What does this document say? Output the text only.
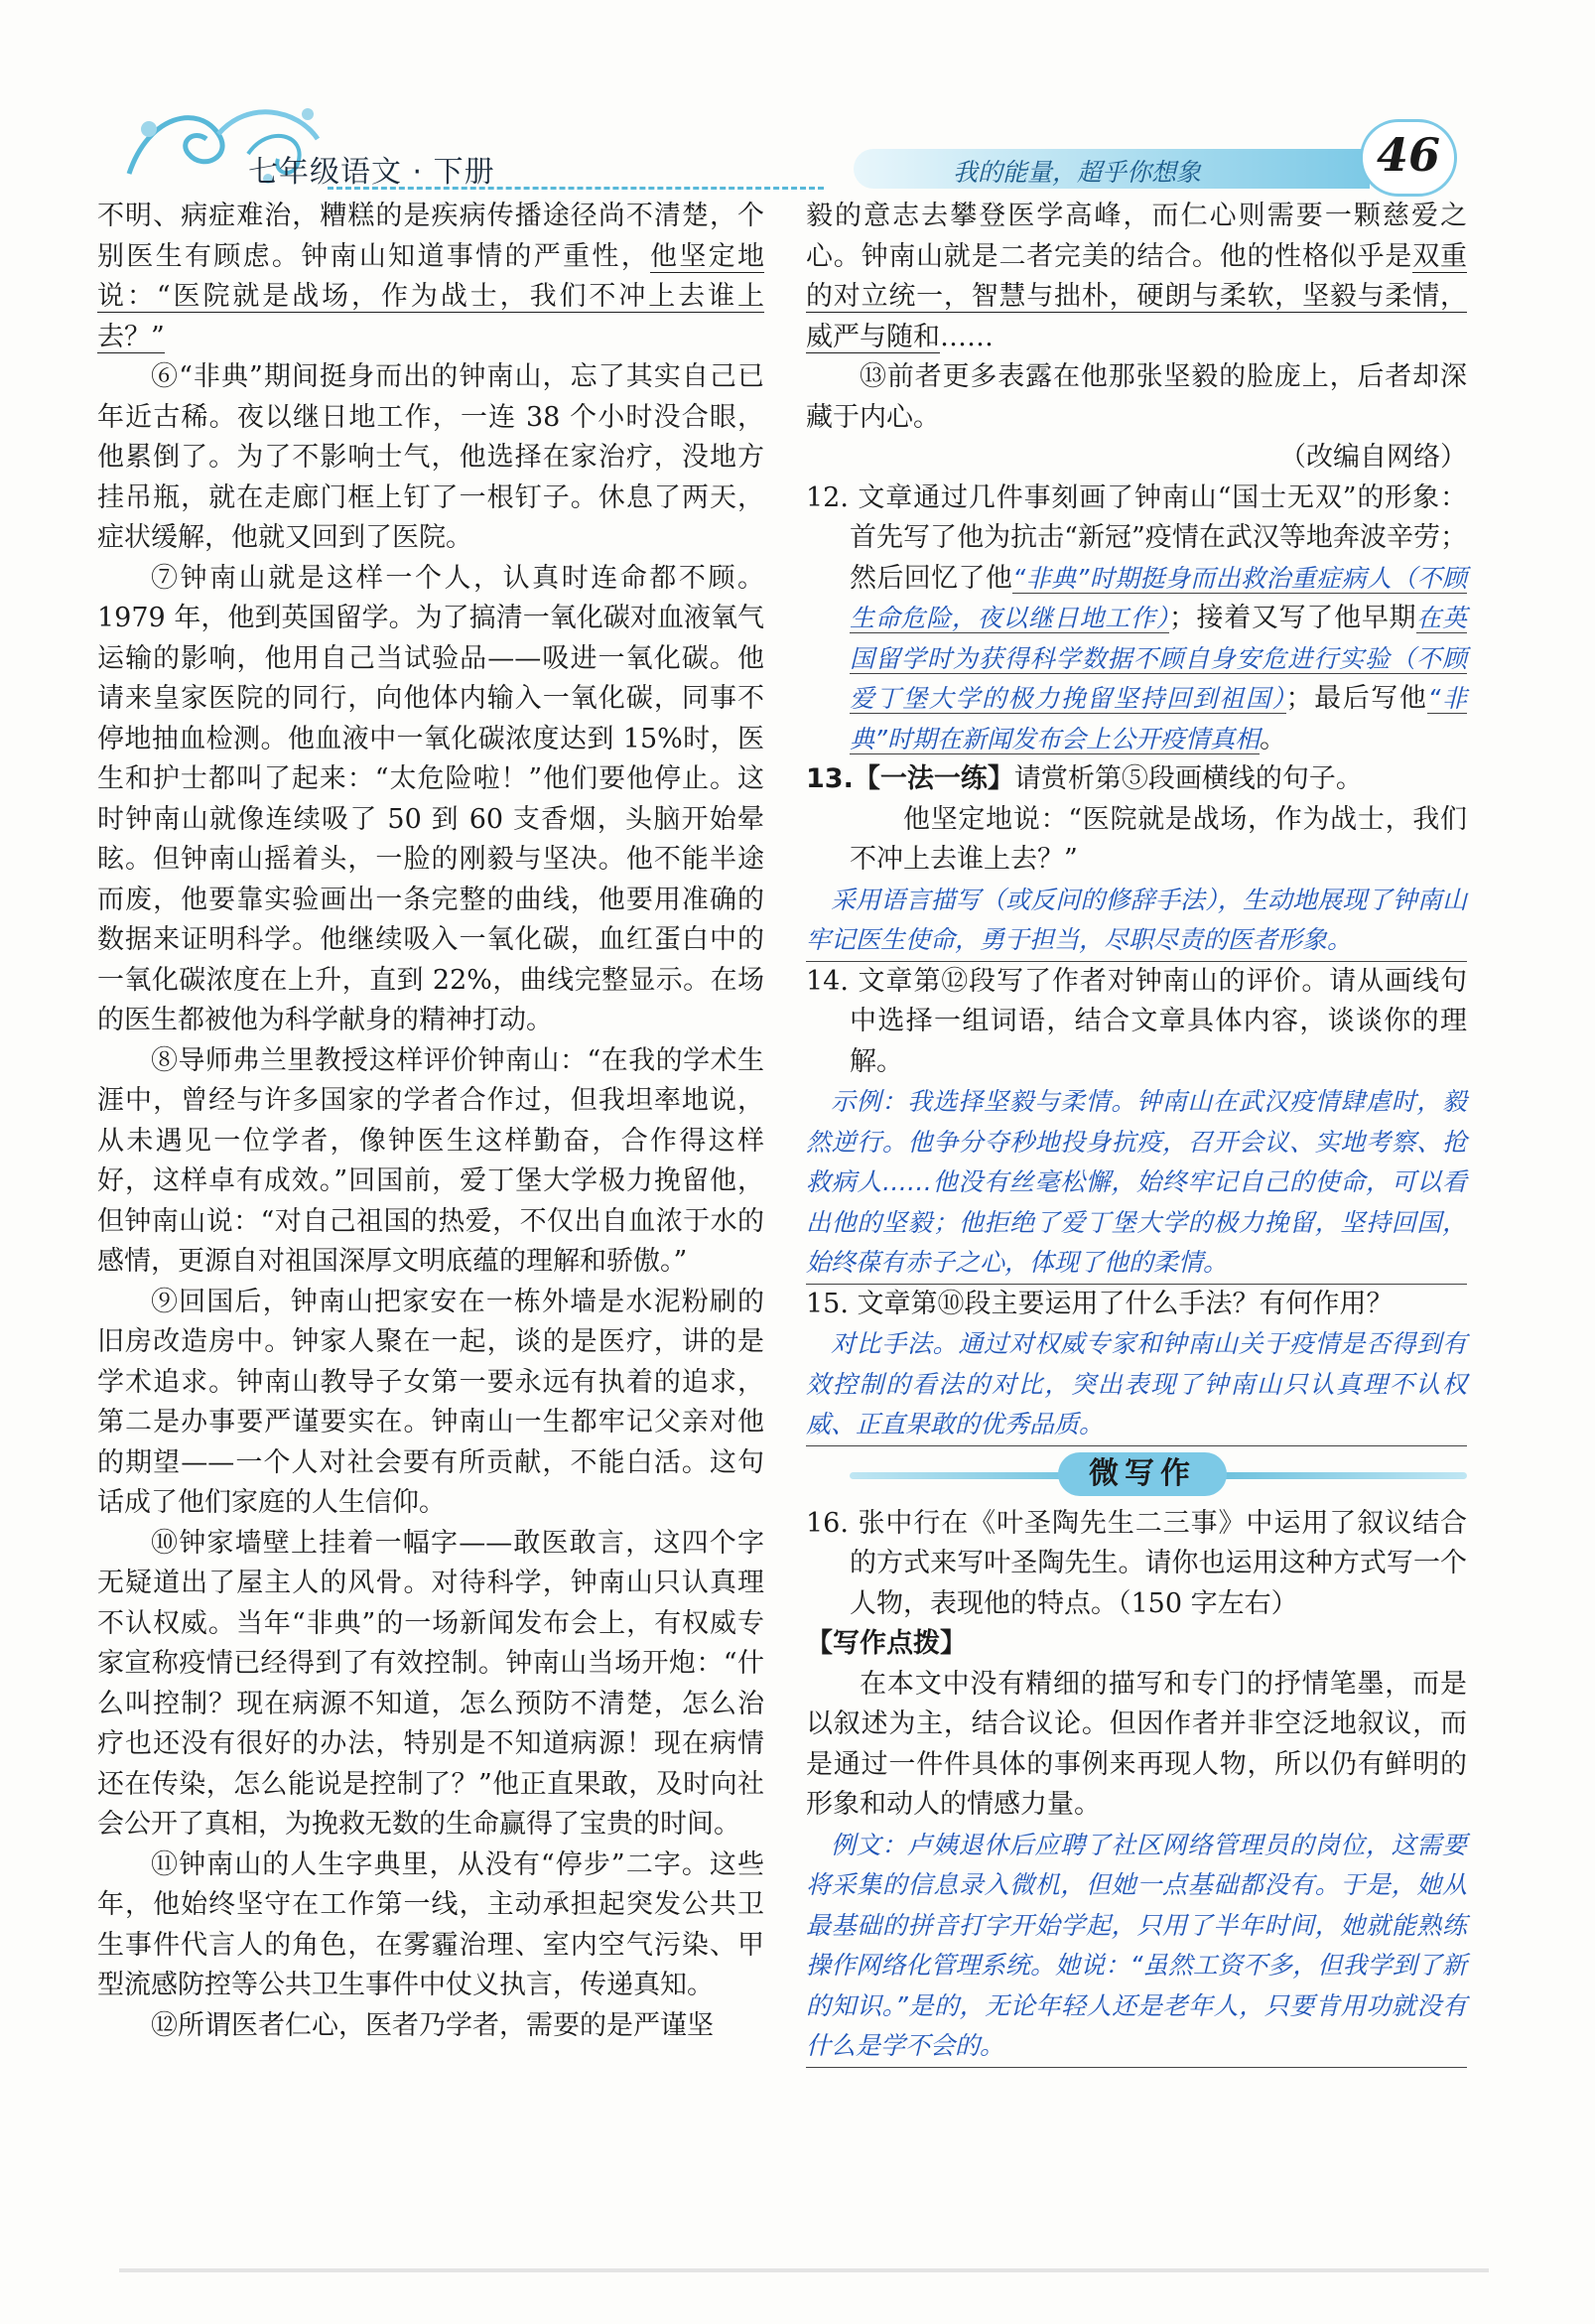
七年级语文 · 下册	我的能量，超乎你想象	46

不明、病症难治，糟糕的是疾病传播途径尚不清楚，个别医生有顾虑。钟南山知道事情的严重性，他坚定地说：“医院就是战场，作为战士，我们不冲上去谁上去？”

⑥“非典”期间挺身而出的钟南山，忘了其实自己已年近古稀。夜以继日地工作，一连 38 个小时没合眼，他累倒了。为了不影响士气，他选择在家治疗，没地方挂吊瓶，就在走廊门框上钉了一根钉子。休息了两天，症状缓解，他就又回到了医院。

⑦钟南山就是这样一个人，认真时连命都不顾。1979 年，他到英国留学。为了搞清一氧化碳对血液氧气运输的影响，他用自己当试验品——吸进一氧化碳。他请来皇家医院的同行，向他体内输入一氧化碳，同事不停地抽血检测。他血液中一氧化碳浓度达到 15%时，医生和护士都叫了起来：“太危险啦！”他们要他停止。这时钟南山就像连续吸了 50 到 60 支香烟，头脑开始晕眩。但钟南山摇着头，一脸的刚毅与坚决。他不能半途而废，他要靠实验画出一条完整的曲线，他要用准确的数据来证明科学。他继续吸入一氧化碳，血红蛋白中的一氧化碳浓度在上升，直到 22%，曲线完整显示。在场的医生都被他为科学献身的精神打动。

⑧导师弗兰里教授这样评价钟南山：“在我的学术生涯中，曾经与许多国家的学者合作过，但我坦率地说，从未遇见一位学者，像钟医生这样勤奋，合作得这样好，这样卓有成效。”回国前，爱丁堡大学极力挽留他，但钟南山说：“对自己祖国的热爱，不仅出自血浓于水的感情，更源自对祖国深厚文明底蕴的理解和骄傲。”

⑨回国后，钟南山把家安在一栋外墙是水泥粉刷的旧房改造房中。钟家人聚在一起，谈的是医疗，讲的是学术追求。钟南山教导子女第一要永远有执着的追求，第二是办事要严谨要实在。钟南山一生都牢记父亲对他的期望——一个人对社会要有所贡献，不能白活。这句话成了他们家庭的人生信仰。

⑩钟家墙壁上挂着一幅字——敢医敢言，这四个字无疑道出了屋主人的风骨。对待科学，钟南山只认真理不认权威。当年“非典”的一场新闻发布会上，有权威专家宣称疫情已经得到了有效控制。钟南山当场开炮：“什么叫控制？现在病源不知道，怎么预防不清楚，怎么治疗也还没有很好的办法，特别是不知道病源！现在病情还在传染，怎么能说是控制了？”他正直果敢，及时向社会公开了真相，为挽救无数的生命赢得了宝贵的时间。

⑪钟南山的人生字典里，从没有“停步”二字。这些年，他始终坚守在工作第一线，主动承担起突发公共卫生事件代言人的角色，在雾霾治理、室内空气污染、甲型流感防控等公共卫生事件中仗义执言，传递真知。

⑫所谓医者仁心，医者乃学者，需要的是严谨坚

毅的意志去攀登医学高峰，而仁心则需要一颗慈爱之心。钟南山就是二者完美的结合。他的性格似乎是双重的对立统一，智慧与拙朴，硬朗与柔软，坚毅与柔情，威严与随和……

⑬前者更多表露在他那张坚毅的脸庞上，后者却深藏于内心。

（改编自网络）

12. 文章通过几件事刻画了钟南山“国士无双”的形象：首先写了他为抗击“新冠”疫情在武汉等地奔波辛劳；然后回忆了他“非典”时期挺身而出救治重症病人（不顾生命危险，夜以继日地工作）；接着又写了他早期在英国留学时为获得科学数据不顾自身安危进行实验（不顾爱丁堡大学的极力挽留坚持回到祖国）；最后写他“非典”时期在新闻发布会上公开疫情真相。

13.【一法一练】请赏析第⑤段画横线的句子。

他坚定地说：“医院就是战场，作为战士，我们不冲上去谁上去？”

采用语言描写（或反问的修辞手法），生动地展现了钟南山牢记医生使命，勇于担当，尽职尽责的医者形象。

14. 文章第⑫段写了作者对钟南山的评价。请从画线句中选择一组词语，结合文章具体内容，谈谈你的理解。

示例：我选择坚毅与柔情。钟南山在武汉疫情肆虐时，毅然逆行。他争分夺秒地投身抗疫，召开会议、实地考察、抢救病人……他没有丝毫松懈，始终牢记自己的使命，可以看出他的坚毅；他拒绝了爱丁堡大学的极力挽留，坚持回国，始终葆有赤子之心，体现了他的柔情。

15. 文章第⑩段主要运用了什么手法？有何作用？

对比手法。通过对权威专家和钟南山关于疫情是否得到有效控制的看法的对比，突出表现了钟南山只认真理不认权威、正直果敢的优秀品质。

微写作

16. 张中行在《叶圣陶先生二三事》中运用了叙议结合的方式来写叶圣陶先生。请你也运用这种方式写一个人物，表现他的特点。（150 字左右）

【写作点拨】

在本文中没有精细的描写和专门的抒情笔墨，而是以叙述为主，结合议论。但因作者并非空泛地叙议，而是通过一件件具体的事例来再现人物，所以仍有鲜明的形象和动人的情感力量。

例文：卢姨退休后应聘了社区网络管理员的岗位，这需要将采集的信息录入微机，但她一点基础都没有。于是，她从最基础的拼音打字开始学起，只用了半年时间，她就能熟练操作网络化管理系统。她说：“虽然工资不多，但我学到了新的知识。”是的，无论年轻人还是老年人，只要肯用功就没有什么是学不会的。
